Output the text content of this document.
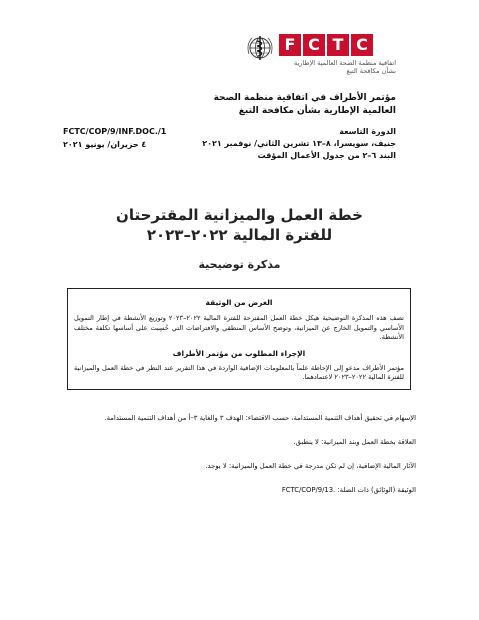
F C T C
اتفاقية منظمة الصحة العالمية الإطارية
بشأن مكافحة التبغ
مؤتمر الأطراف في اتفاقية منظمة الصحة
العالمية الإطارية بشأن مكافحة التبغ
الدورة التاسعة
جنيف، سويسرا، ٨–١٣ تشرين الثاني/ نوفمبر ٢٠٢١
البند ٦–٢ من جدول الأعمال المؤقت
FCTC/COP/9/INF.DOC./1
٤ حزيران/ يونيو ٢٠٢١
خطة العمل والميزانية المقترحتان
للفترة المالية ٢٠٢٢–٢٠٢٣
مذكرة توضيحية
الغرض من الوثيقة
تصف هذه المذكرة التوضيحية هيكل خطة العمل المقترحة للفترة المالية ٢٠٢٢–٢٠٢٣ وتوزيع الأنشطة في إطار التمويل الأساسي والتمويل الخارج عن الميزانية، وتوضح الأساس المنطقي والافتراضات التي حُسِبت على أساسها تكلفة مختلف الأنشطة.
الإجراء المطلوب من مؤتمر الأطراف
مؤتمر الأطراف مدعو إلى الإحاطة علماً بالمعلومات الإضافية الواردة في هذا التقرير عند النظر في خطة العمل والميزانية للفترة المالية ٢٠٢٢–٢٠٢٣ لاعتمادهما.
الإسهام في تحقيق أهداف التنمية المستدامة، حسب الاقتضاء: الهدف ٣ والغاية ٣–أ من أهداف التنمية المستدامة.
العلاقة بخطة العمل وبند الميزانية: لا ينطبق.
الآثار المالية الإضافية، إن لم تكن مدرجة في خطة العمل والميزانية: لا يوجد.
الوثيقة (الوثائق) ذات الصلة: FCTC/COP/9/13.
